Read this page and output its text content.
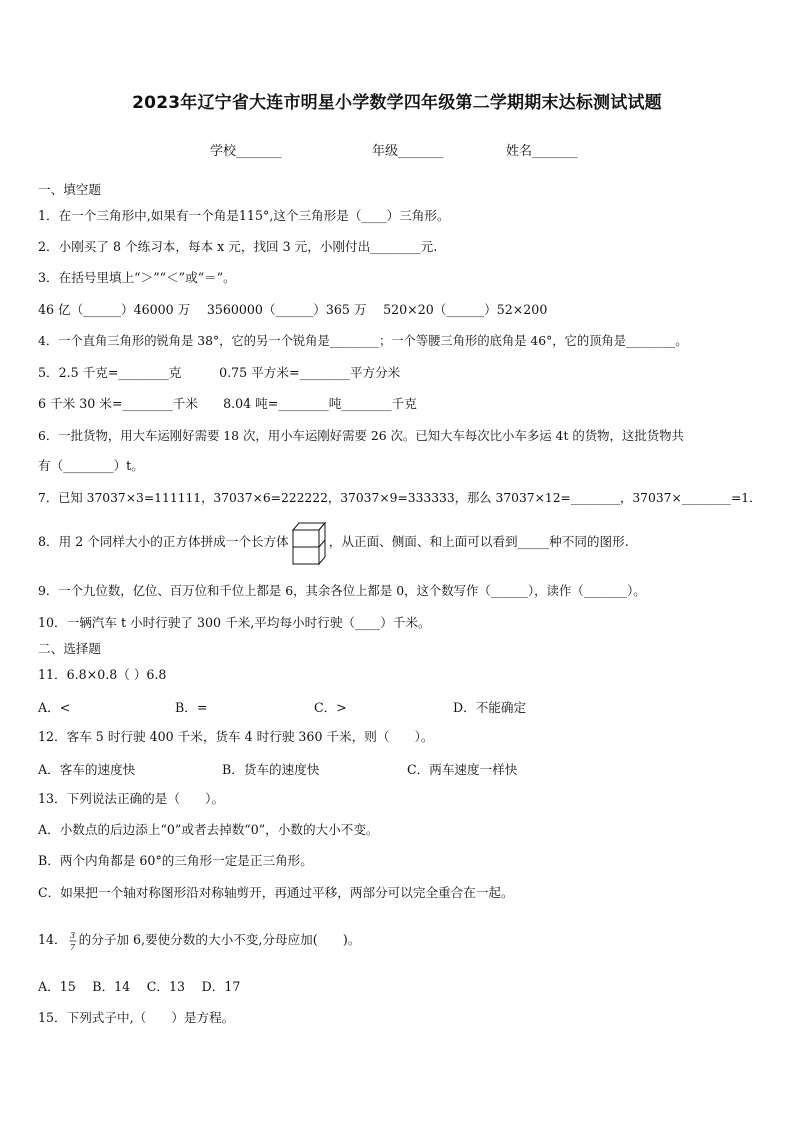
2023年辽宁省大连市明星小学数学四年级第二学期期末达标测试试题
学校_______	年级_______	姓名_______
一、填空题
1．在一个三角形中,如果有一个角是115°,这个三角形是（____）三角形。
2．小刚买了 8 个练习本，每本 x 元，找回 3 元，小刚付出________元.
3．在括号里填上“＞”“＜”或“＝”。
46 亿（______）46000 万　 3560000（______）365 万　 520×20（______）52×200
4．一个直角三角形的锐角是 38°，它的另一个锐角是________；一个等腰三角形的底角是 46°，它的顶角是________。
5．2.5 千克=________克　　　0.75 平方米=________平方分米
6 千米 30 米=________千米　　8.04 吨=________吨________千克
6．一批货物，用大车运刚好需要 18 次，用小车运刚好需要 26 次。已知大车每次比小车多运 4t 的货物，这批货物共
有（________）t。
7．已知 37037×3=111111，37037×6=222222，37037×9=333333，那么 37037×12=________，37037×________=1．
8．用 2 个同样大小的正方体拼成一个长方体	，从正面、侧面、和上面可以看到_____种不同的图形.
9．一个九位数，亿位、百万位和千位上都是 6，其余各位上都是 0，这个数写作（______），读作（_______）。
10．一辆汽车 t 小时行驶了 300 千米,平均每小时行驶（____）千米。
二、选择题
11．6.8×0.8（ ）6.8
A．<	B．=	C．>	D．不能确定
12．客车 5 时行驶 400 千米，货车 4 时行驶 360 千米，则（　　）。
A．客车的速度快	B．货车的速度快	C．两车速度一样快
13．下列说法正确的是（　　）。
A．小数点的后边添上“0”或者去掉数“0”，小数的大小不变。
B．两个内角都是 60°的三角形一定是正三角形。
C．如果把一个轴对称图形沿对称轴剪开，再通过平移，两部分可以完全重合在一起。
14． 3
7 的分子加 6,要使分数的大小不变,分母应加(　　)。
A．15　 B．14　 C．13　 D．17
15．下列式子中,（　　）是方程。
